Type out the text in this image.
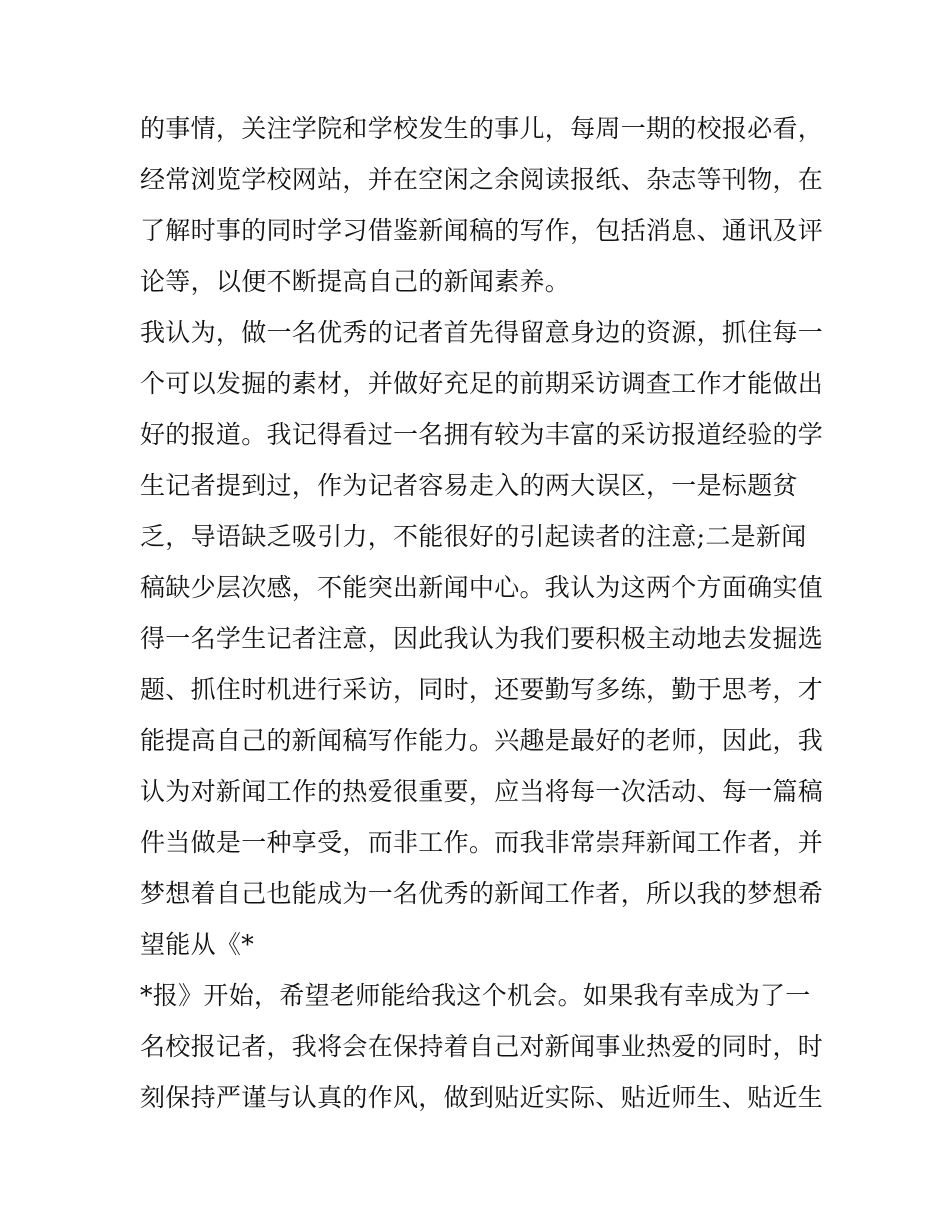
的事情，关注学院和学校发生的事儿，每周一期的校报必看，
经常浏览学校网站，并在空闲之余阅读报纸、杂志等刊物，在
了解时事的同时学习借鉴新闻稿的写作，包括消息、通讯及评
论等，以便不断提高自己的新闻素养。
我认为，做一名优秀的记者首先得留意身边的资源，抓住每一
个可以发掘的素材，并做好充足的前期采访调查工作才能做出
好的报道。我记得看过一名拥有较为丰富的采访报道经验的学
生记者提到过，作为记者容易走入的两大误区，一是标题贫
乏，导语缺乏吸引力，不能很好的引起读者的注意;二是新闻
稿缺少层次感，不能突出新闻中心。我认为这两个方面确实值
得一名学生记者注意，因此我认为我们要积极主动地去发掘选
题、抓住时机进行采访，同时，还要勤写多练，勤于思考，才
能提高自己的新闻稿写作能力。兴趣是最好的老师，因此，我
认为对新闻工作的热爱很重要，应当将每一次活动、每一篇稿
件当做是一种享受，而非工作。而我非常崇拜新闻工作者，并
梦想着自己也能成为一名优秀的新闻工作者，所以我的梦想希
望能从《*
*报》开始，希望老师能给我这个机会。如果我有幸成为了一
名校报记者，我将会在保持着自己对新闻事业热爱的同时，时
刻保持严谨与认真的作风，做到贴近实际、贴近师生、贴近生
